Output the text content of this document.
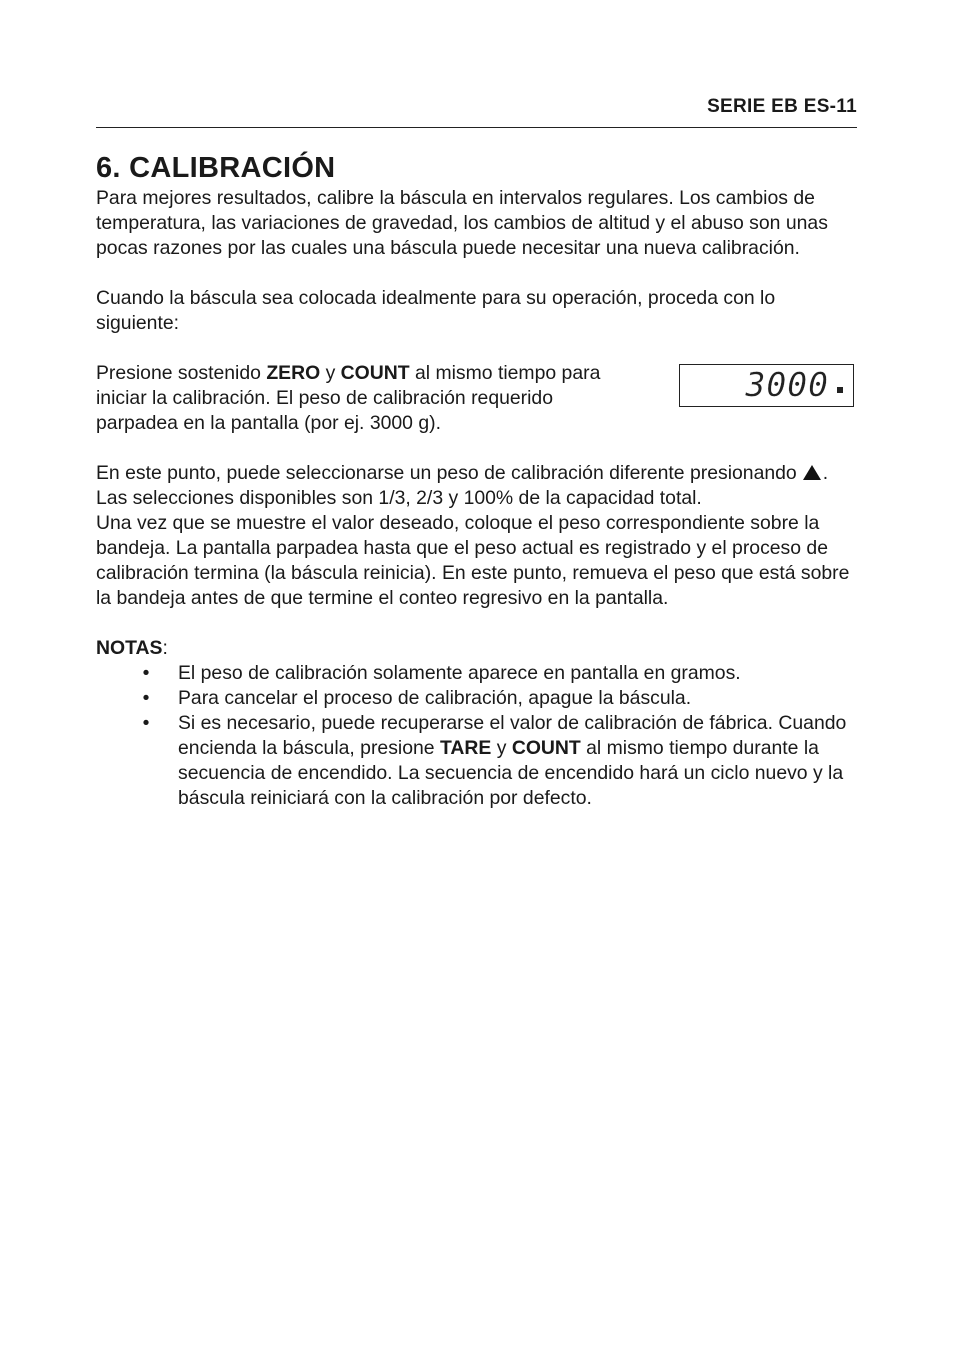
SERIE EB ES-11
6. CALIBRACIÓN

Para mejores resultados, calibre la báscula en intervalos regulares. Los cambios de temperatura, las variaciones de gravedad, los cambios de altitud y el abuso son unas pocas razones por las cuales una báscula puede necesitar una nueva calibración.

Cuando la báscula sea colocada idealmente para su operación, proceda con lo siguiente:

Presione sostenido ZERO y COUNT al mismo tiempo para iniciar la calibración. El peso de calibración requerido parpadea en la pantalla (por ej. 3000 g).

3000

En este punto, puede seleccionarse un peso de calibración diferente presionando .

Las selecciones disponibles son 1/3, 2/3 y 100% de la capacidad total.

Una vez que se muestre el valor deseado, coloque el peso correspondiente sobre la bandeja. La pantalla parpadea hasta que el peso actual es registrado y el proceso de calibración termina (la báscula reinicia). En este punto, remueva el peso que está sobre la bandeja antes de que termine el conteo regresivo en la pantalla.

NOTAS:

•	El peso de calibración solamente aparece en pantalla en gramos.
•	Para cancelar el proceso de calibración, apague la báscula.
•	Si es necesario, puede recuperarse el valor de calibración de fábrica. Cuando encienda la báscula, presione TARE y COUNT al mismo tiempo durante la secuencia de encendido. La secuencia de encendido hará un ciclo nuevo y la báscula reiniciará con la calibración por defecto.
